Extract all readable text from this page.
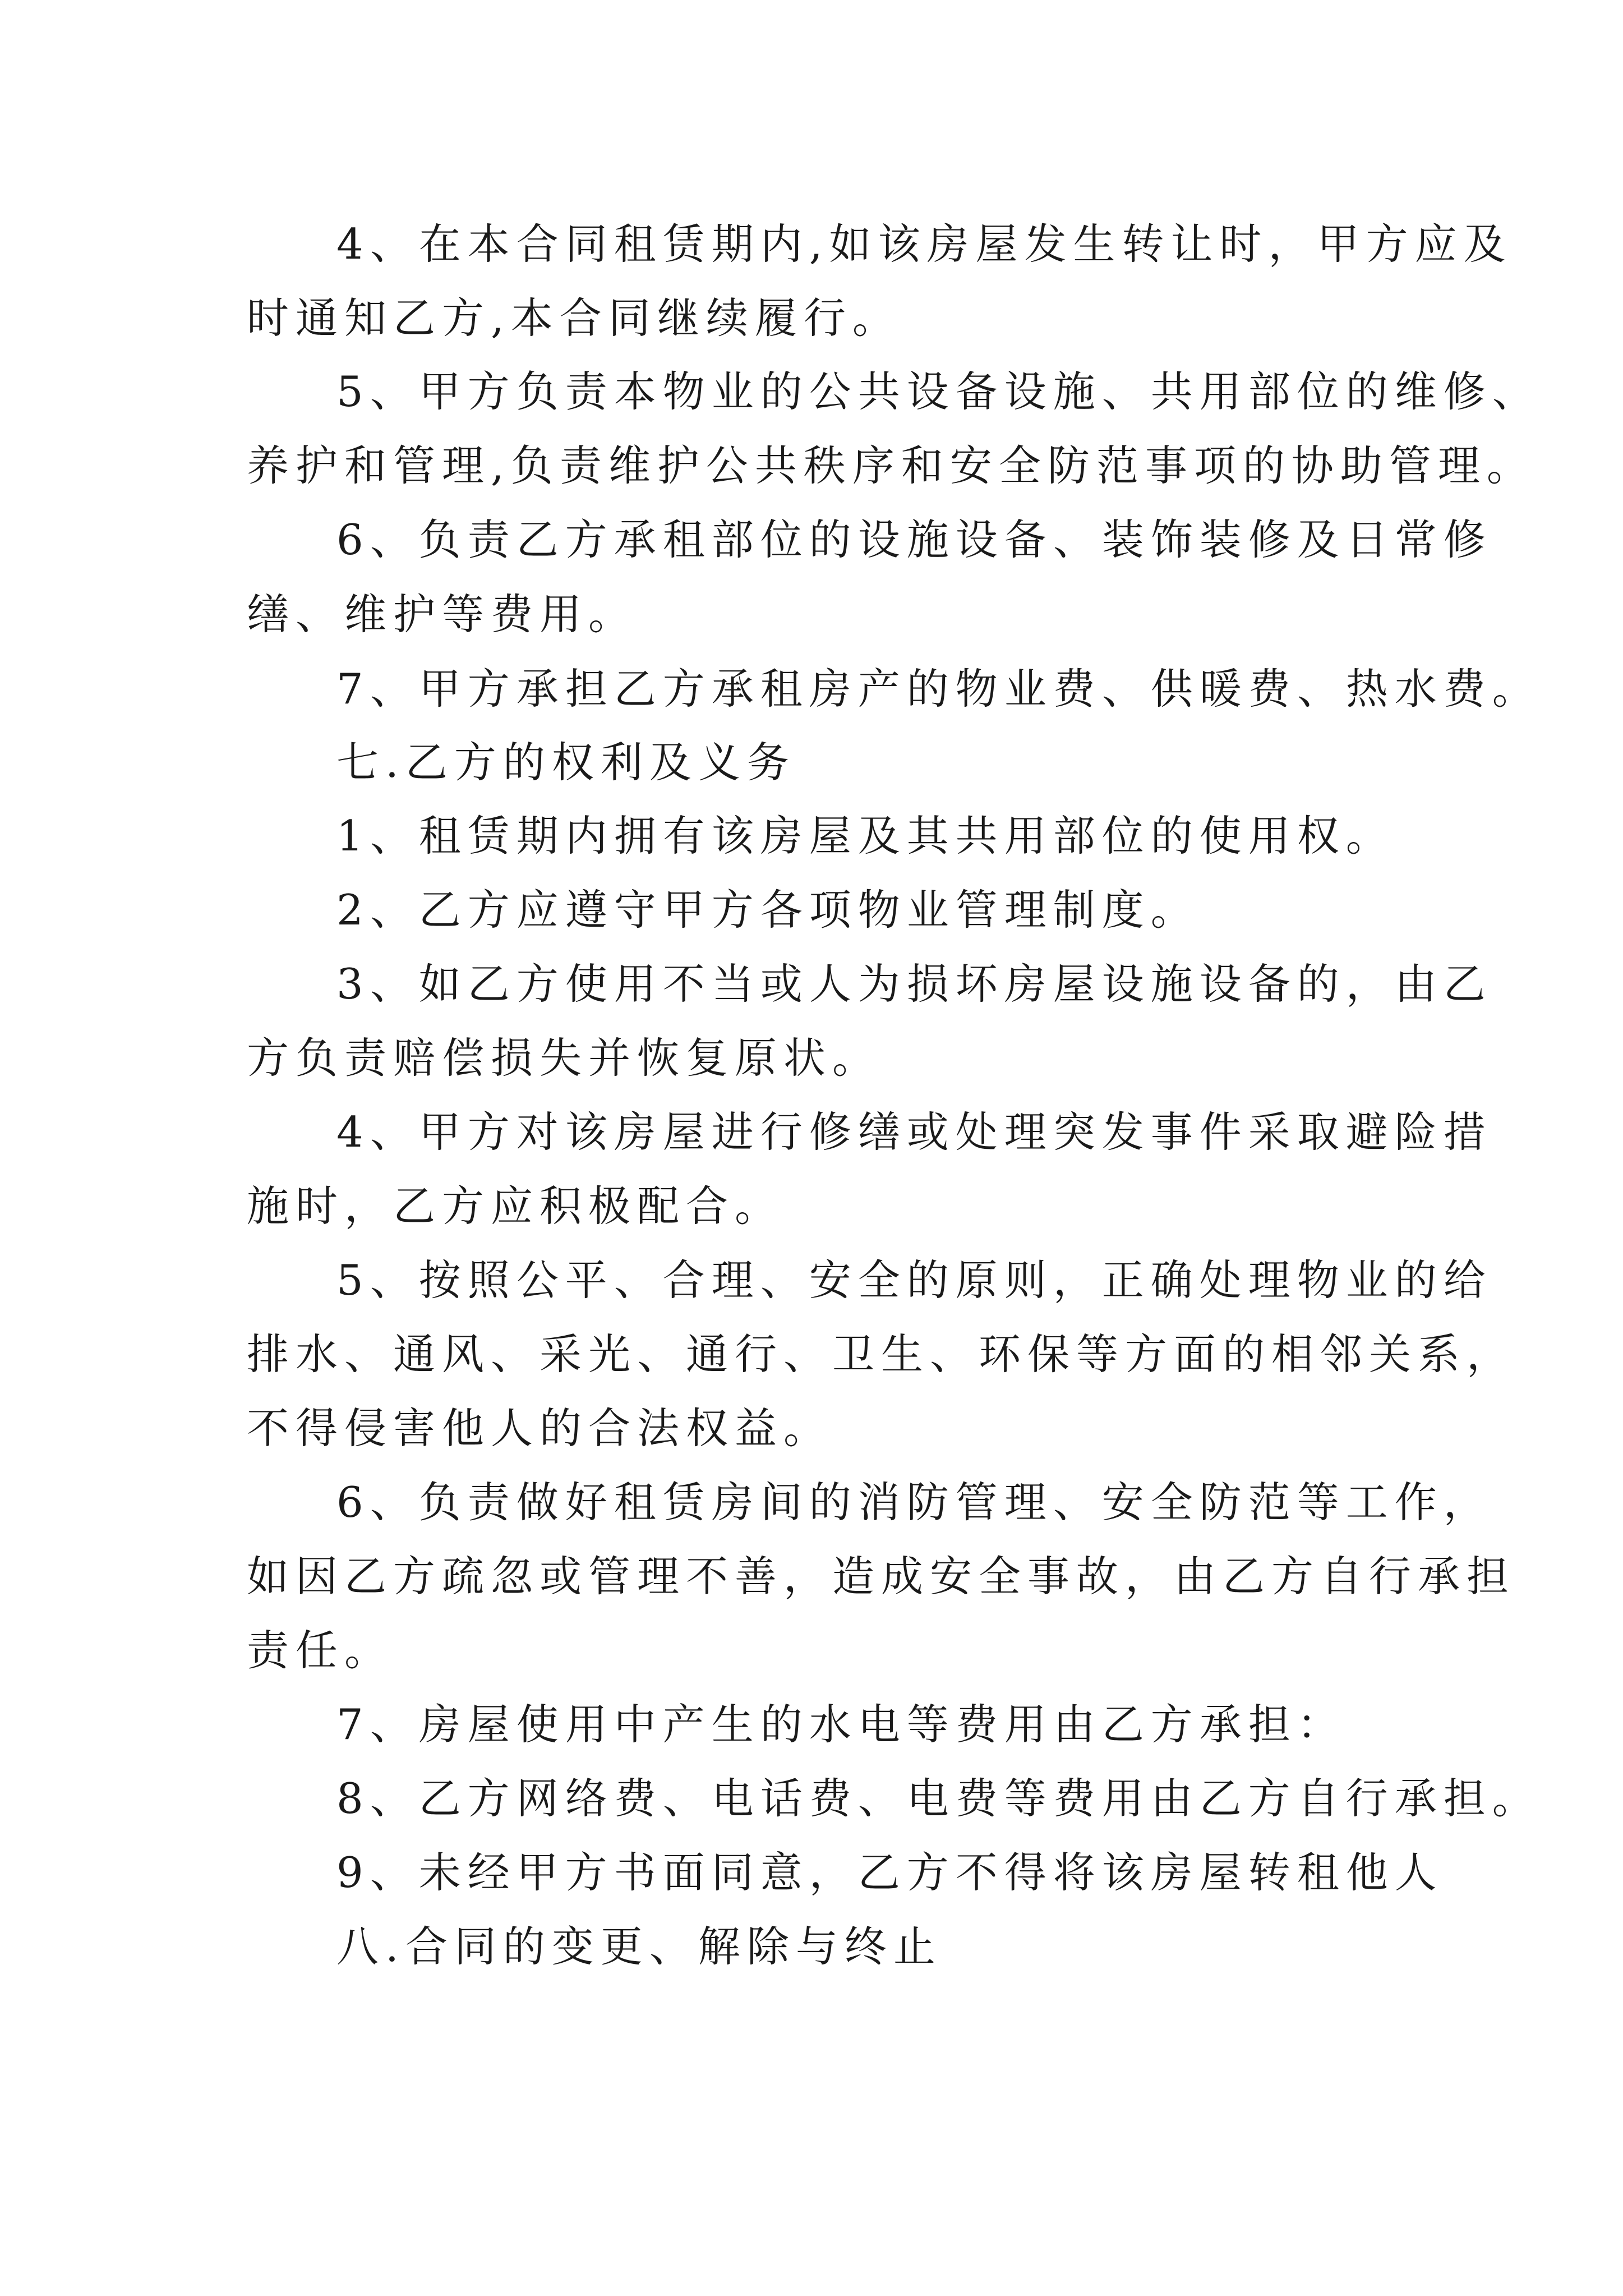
4、在本合同租赁期内,如该房屋发生转让时，甲方应及
时通知乙方,本合同继续履行。
5、甲方负责本物业的公共设备设施、共用部位的维修、
养护和管理,负责维护公共秩序和安全防范事项的协助管理。
6、负责乙方承租部位的设施设备、装饰装修及日常修
缮、维护等费用。
7、甲方承担乙方承租房产的物业费、供暖费、热水费。
七.乙方的权利及义务
1、租赁期内拥有该房屋及其共用部位的使用权。
2、乙方应遵守甲方各项物业管理制度。
3、如乙方使用不当或人为损坏房屋设施设备的，由乙
方负责赔偿损失并恢复原状。
4、甲方对该房屋进行修缮或处理突发事件采取避险措
施时，乙方应积极配合。
5、按照公平、合理、安全的原则，正确处理物业的给
排水、通风、采光、通行、卫生、环保等方面的相邻关系，
不得侵害他人的合法权益。
6、负责做好租赁房间的消防管理、安全防范等工作，
如因乙方疏忽或管理不善，造成安全事故，由乙方自行承担
责任。
7、房屋使用中产生的水电等费用由乙方承担：
8、乙方网络费、电话费、电费等费用由乙方自行承担。
9、未经甲方书面同意，乙方不得将该房屋转租他人
八.合同的变更、解除与终止
